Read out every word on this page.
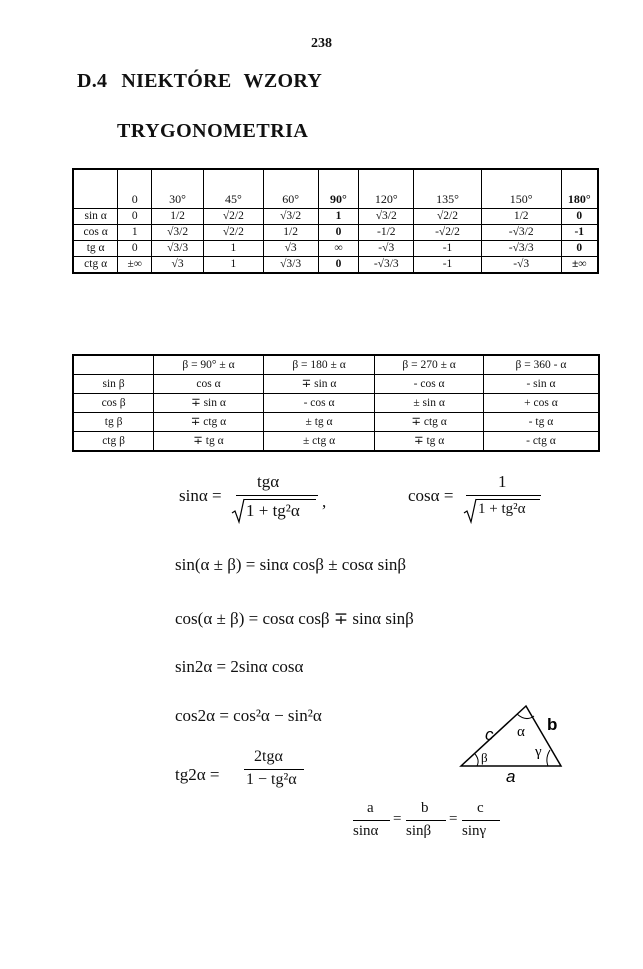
238
D.4 NIEKTÓRE WZORY
TRYGONOMETRIA
	0	30°	45°	60°	90°	120°	135°	150°	180°
sin α	0	1/2	√2/2	√3/2	1	√3/2	√2/2	1/2	0
cos α	1	√3/2	√2/2	1/2	0	-1/2	-√2/2	-√3/2	-1
tg α	0	√3/3	1	√3	∞	-√3	-1	-√3/3	0
ctg α	±∞	√3	1	√3/3	0	-√3/3	-1	-√3	±∞
	β = 90° ± α	β = 180 ± α	β = 270 ± α	β = 360 - α
sin β	cos α	∓ sin α	- cos α	- sin α
cos β	∓ sin α	- cos α	± sin α	+ cos α
tg β	∓ ctg α	± tg α	∓ ctg α	- tg α
ctg β	∓ tg α	± ctg α	∓ tg α	- ctg α
sinα =
tgα
1 + tg²α ,	cosα =
1
1 + tg²α
sin(α ± β) = sinα cosβ ± cosα sinβ
cos(α ± β) = cosα cosβ ∓ sinα sinβ
sin2α = 2sinα cosα
cos2α = cos²α − sin²α
tg2α =
2tgα
1 − tg²α
c
b
a
α
β	γ
a	b	c
=	=
sinα sinβ sinγ
